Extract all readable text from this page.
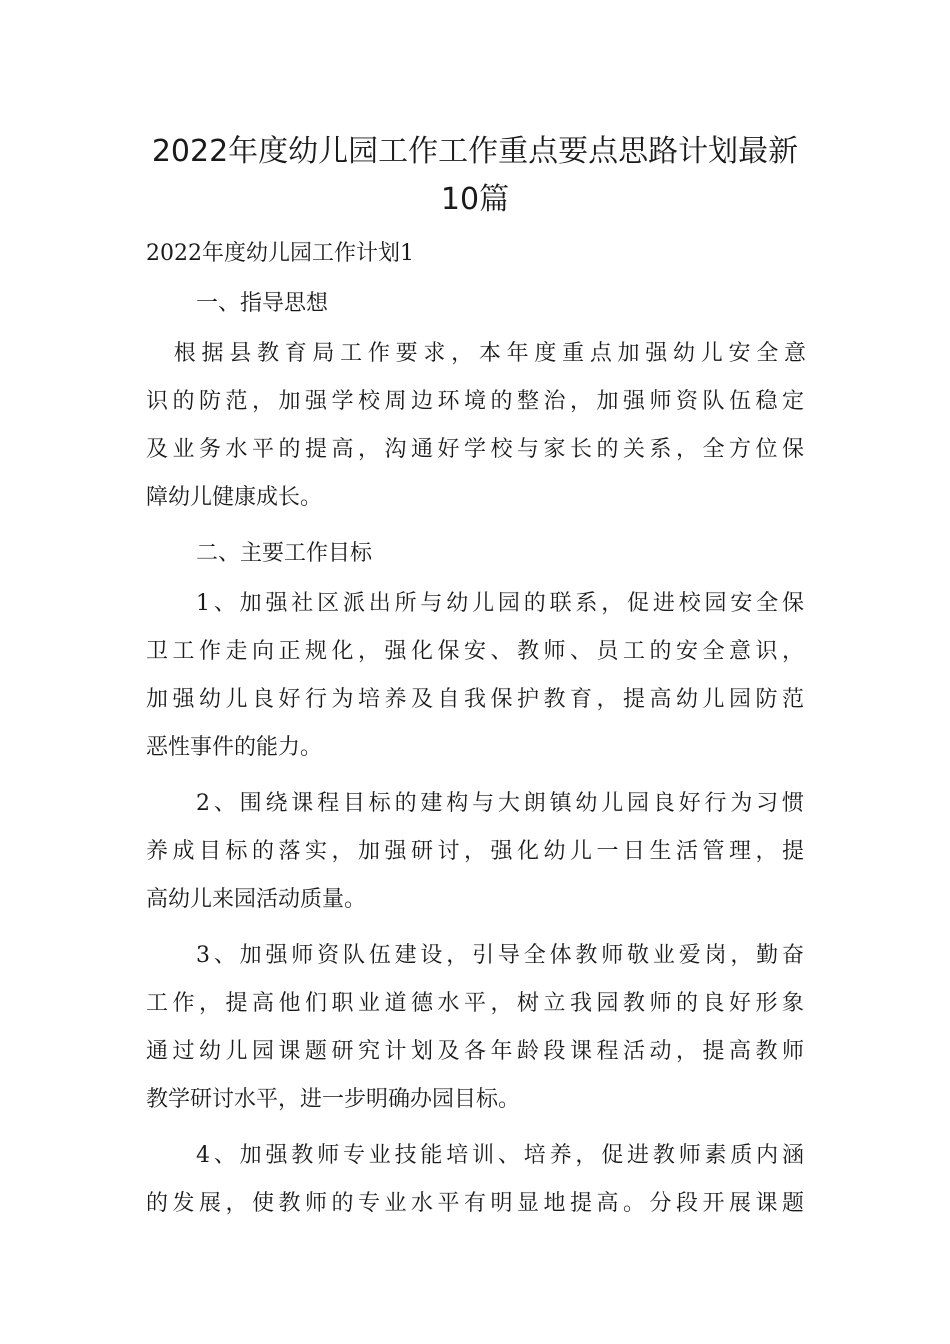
2022年度幼儿园工作工作重点要点思路计划最新
10篇
2022年度幼儿园工作计划1
一、指导思想
　根据县教育局工作要求，本年度重点加强幼儿安全意
识的防范，加强学校周边环境的整治，加强师资队伍稳定
及业务水平的提高，沟通好学校与家长的关系，全方位保
障幼儿健康成长。
二、主要工作目标
1、加强社区派出所与幼儿园的联系，促进校园安全保
卫工作走向正规化，强化保安、教师、员工的安全意识，
加强幼儿良好行为培养及自我保护教育，提高幼儿园防范
恶性事件的能力。
2、围绕课程目标的建构与大朗镇幼儿园良好行为习惯
养成目标的落实，加强研讨，强化幼儿一日生活管理，提
高幼儿来园活动质量。
3、加强师资队伍建设，引导全体教师敬业爱岗，勤奋
工作，提高他们职业道德水平，树立我园教师的良好形象
通过幼儿园课题研究计划及各年龄段课程活动，提高教师
教学研讨水平，进一步明确办园目标。
4、加强教师专业技能培训、培养，促进教师素质内涵
的发展，使教师的专业水平有明显地提高。分段开展课题
